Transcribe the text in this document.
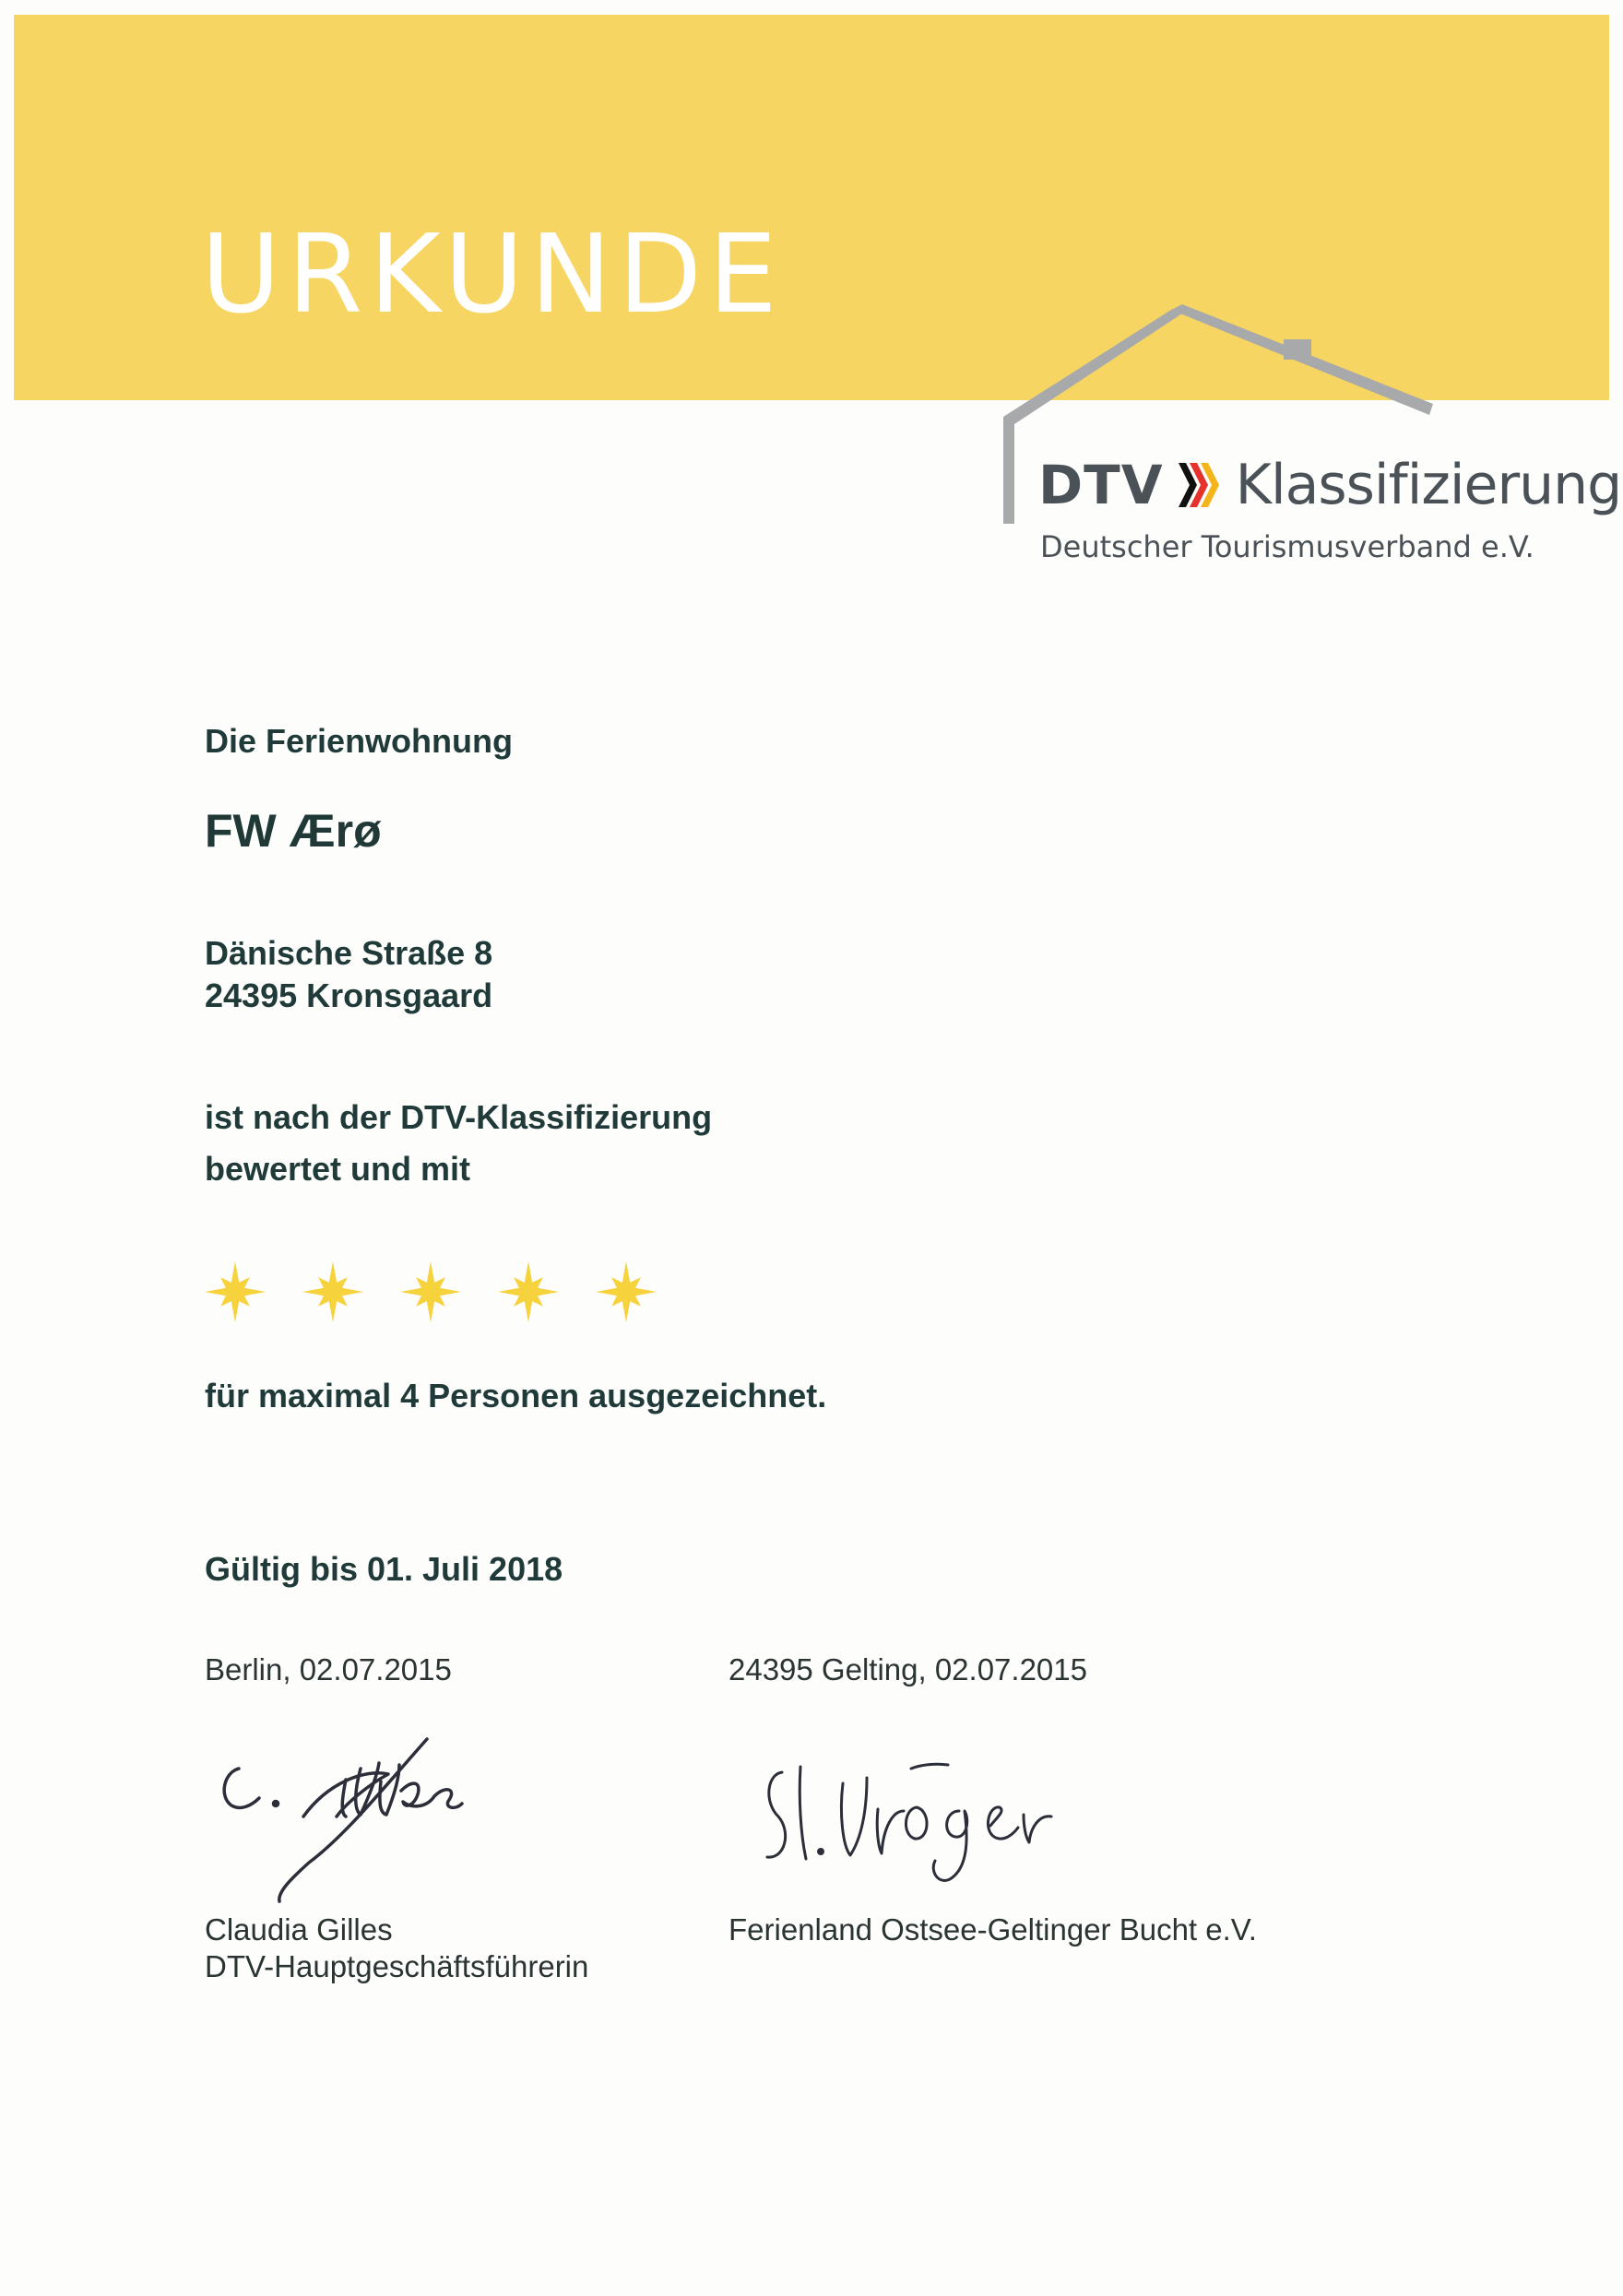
URKUNDE
DTV Klassifizierung
Deutscher Tourismusverband e.V.

Die Ferienwohnung

FW Ærø

Dänische Straße 8

24395 Kronsgaard

ist nach der DTV-Klassifizierung

bewertet und mit

für maximal 4 Personen ausgezeichnet.

Gültig bis 01. Juli 2018

Berlin, 02.07.2015	24395 Gelting, 02.07.2015

Claudia Gilles

DTV-Hauptgeschäftsführerin

Ferienland Ostsee-Geltinger Bucht e.V.
